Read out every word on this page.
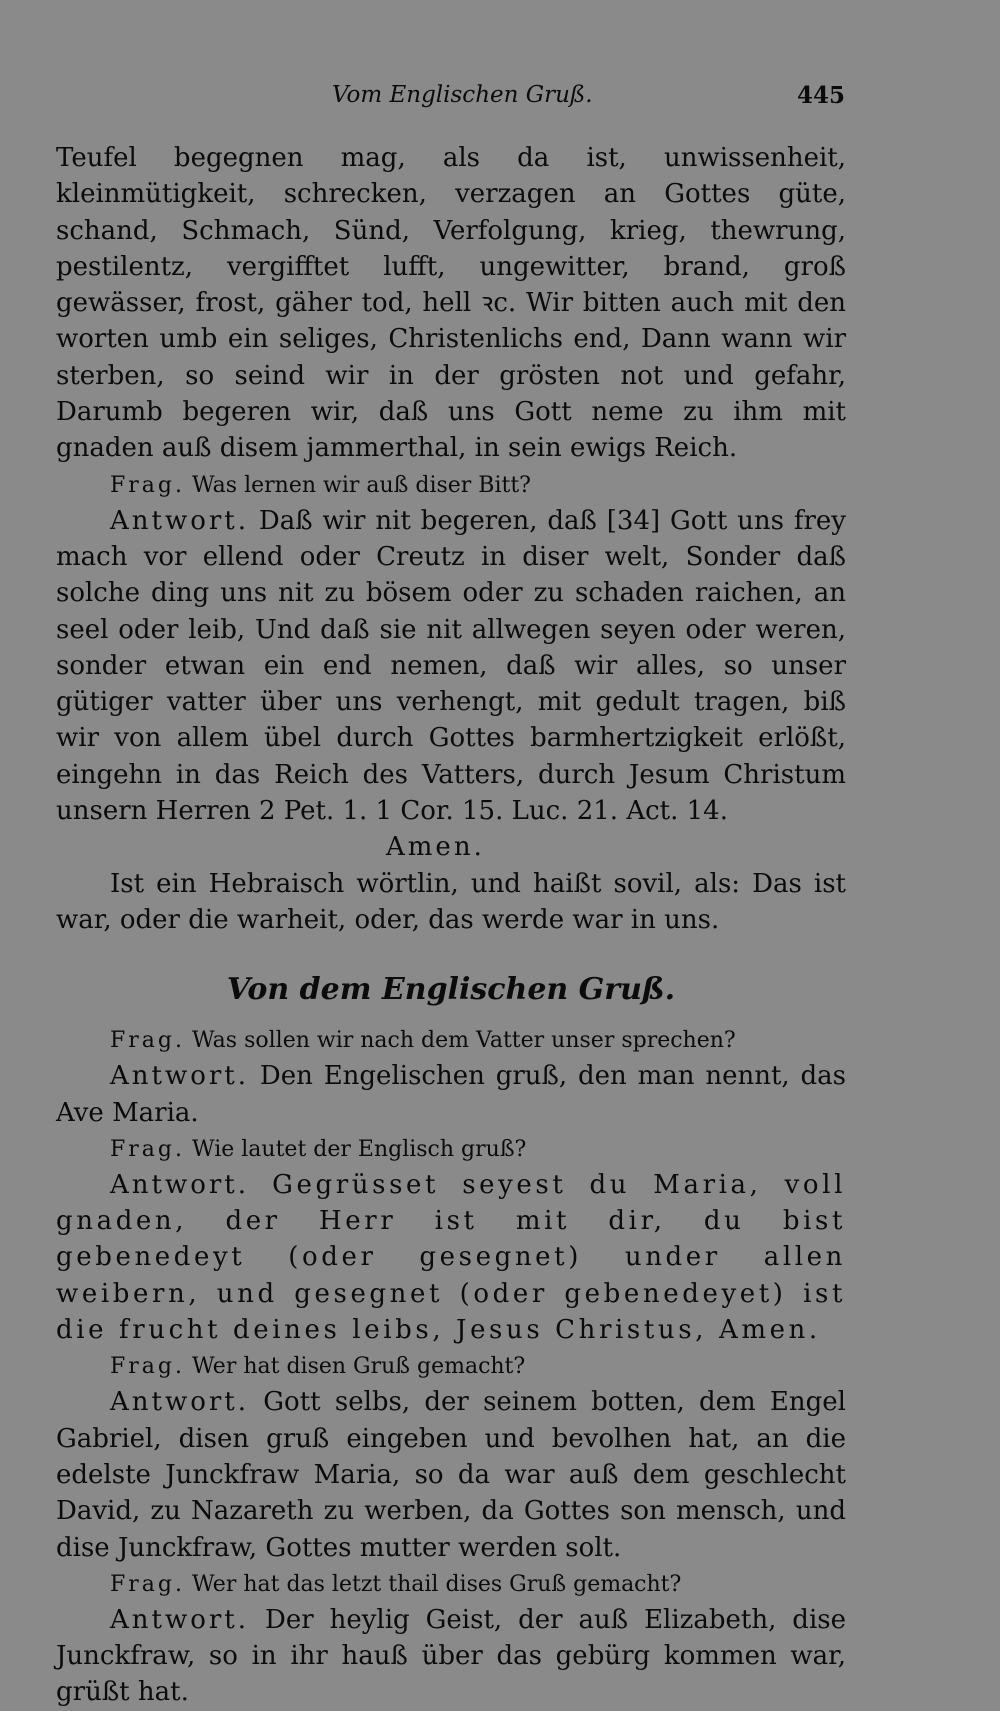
Vom Englischen Gruß.	445

Teufel begegnen mag, als da ist, unwissenheit, kleinmütigkeit, schrecken, verzagen an Gottes güte, schand, Schmach, Sünd, Verfolgung, krieg, thewrung, pestilentz, vergifftet lufft, ungewitter, brand, groß gewässer, frost, gäher tod, hell ꝛc. Wir bitten auch mit den worten umb ein seliges, Christenlichs end, Dann wann wir sterben, so seind wir in der grösten not und gefahr, Darumb begeren wir, daß uns Gott neme zu ihm mit gnaden auß disem jammerthal, in sein ewigs Reich.

Frag. Was lernen wir auß diser Bitt?

Antwort. Daß wir nit begeren, daß [34] Gott uns frey mach vor ellend oder Creutz in diser welt, Sonder daß solche ding uns nit zu bösem oder zu schaden raichen, an seel oder leib, Und daß sie nit allwegen seyen oder weren, sonder etwan ein end nemen, daß wir alles, so unser gütiger vatter über uns verhengt, mit gedult tragen, biß wir von allem übel durch Gottes barmhertzigkeit erlößt, eingehn in das Reich des Vatters, durch Jesum Christum unsern Herren 2 Pet. 1. 1 Cor. 15. Luc. 21. Act. 14.

Amen.

Ist ein Hebraisch wörtlin, und haißt sovil, als: Das ist war, oder die warheit, oder, das werde war in uns.

Von dem Englischen Gruß.

Frag. Was sollen wir nach dem Vatter unser sprechen?

Antwort. Den Engelischen gruß, den man nennt, das Ave Maria.

Frag. Wie lautet der Englisch gruß?

Antwort. Gegrüsset seyest du Maria, voll gnaden, der Herr ist mit dir, du bist gebenedeyt (oder gesegnet) under allen weibern, und gesegnet (oder gebenedeyet) ist die frucht deines leibs, Jesus Christus, Amen.

Frag. Wer hat disen Gruß gemacht?

Antwort. Gott selbs, der seinem botten, dem Engel Gabriel, disen gruß eingeben und bevolhen hat, an die edelste Junckfraw Maria, so da war auß dem geschlecht David, zu Nazareth zu werben, da Gottes son mensch, und dise Junckfraw, Gottes mutter werden solt.

Frag. Wer hat das letzt thail dises Gruß gemacht?

Antwort. Der heylig Geist, der auß Elizabeth, dise Junckfraw, so in ihr hauß über das gebürg kommen war, grüßt hat.
